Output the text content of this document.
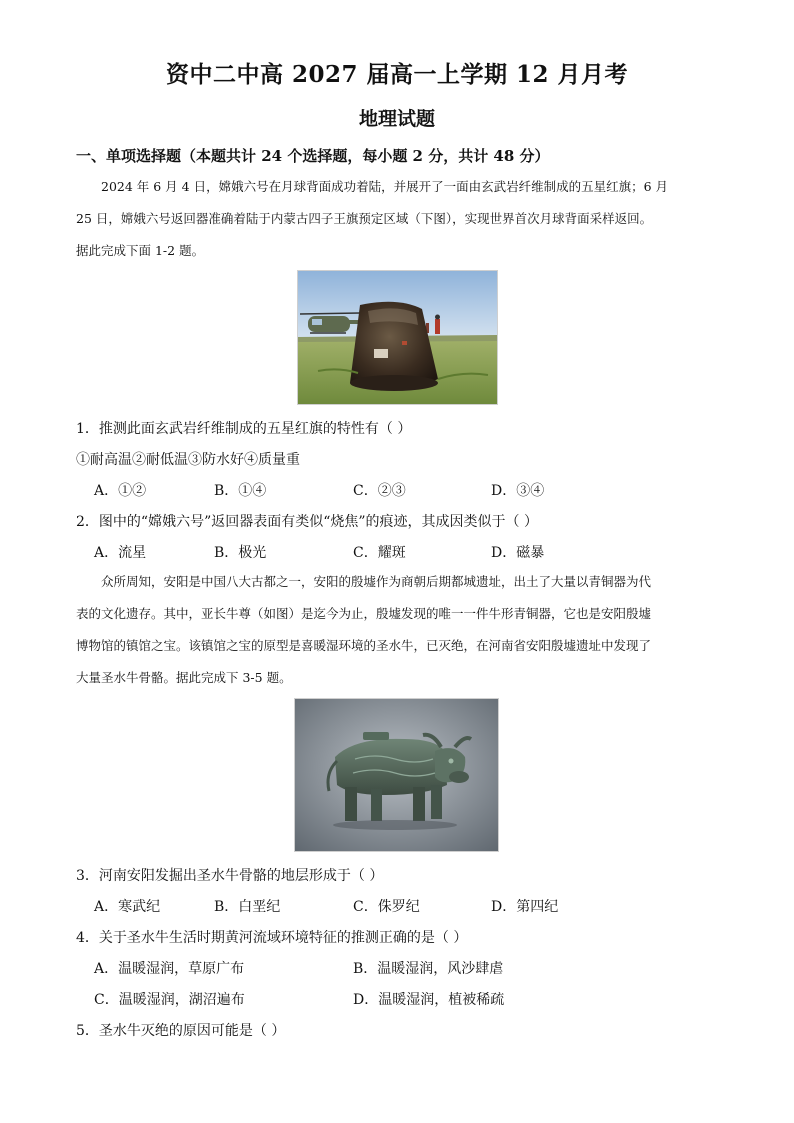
资中二中高 2027 届高一上学期 12 月月考
地理试题
一、单项选择题（本题共计 24 个选择题，每小题 2 分，共计 48 分）
2024 年 6 月 4 日，嫦娥六号在月球背面成功着陆，并展开了一面由玄武岩纤维制成的五星红旗；6 月
25 日，嫦娥六号返回器准确着陆于内蒙古四子王旗预定区域（下图），实现世界首次月球背面采样返回。
据此完成下面 1-2 题。
1．推测此面玄武岩纤维制成的五星红旗的特性有（ ）
①耐高温②耐低温③防水好④质量重
A．①②	B．①④	C．②③	D．③④
2．图中的“嫦娥六号”返回器表面有类似“烧焦”的痕迹，其成因类似于（ ）
A．流星	B．极光	C．耀斑	D．磁暴
众所周知，安阳是中国八大古都之一，安阳的殷墟作为商朝后期都城遗址，出土了大量以青铜器为代
表的文化遗存。其中，亚长牛尊（如图）是迄今为止，殷墟发现的唯一一件牛形青铜器，它也是安阳殷墟
博物馆的镇馆之宝。该镇馆之宝的原型是喜暖湿环境的圣水牛，已灭绝，在河南省安阳殷墟遗址中发现了
大量圣水牛骨骼。据此完成下 3-5 题。
3．河南安阳发掘出圣水牛骨骼的地层形成于（ ）
A．寒武纪	B．白垩纪	C．侏罗纪	D．第四纪
4．关于圣水牛生活时期黄河流域环境特征的推测正确的是（ ）
A．温暖湿润，草原广布	B．温暖湿润，风沙肆虐
C．温暖湿润，湖沼遍布	D．温暖湿润，植被稀疏
5．圣水牛灭绝的原因可能是（ ）
